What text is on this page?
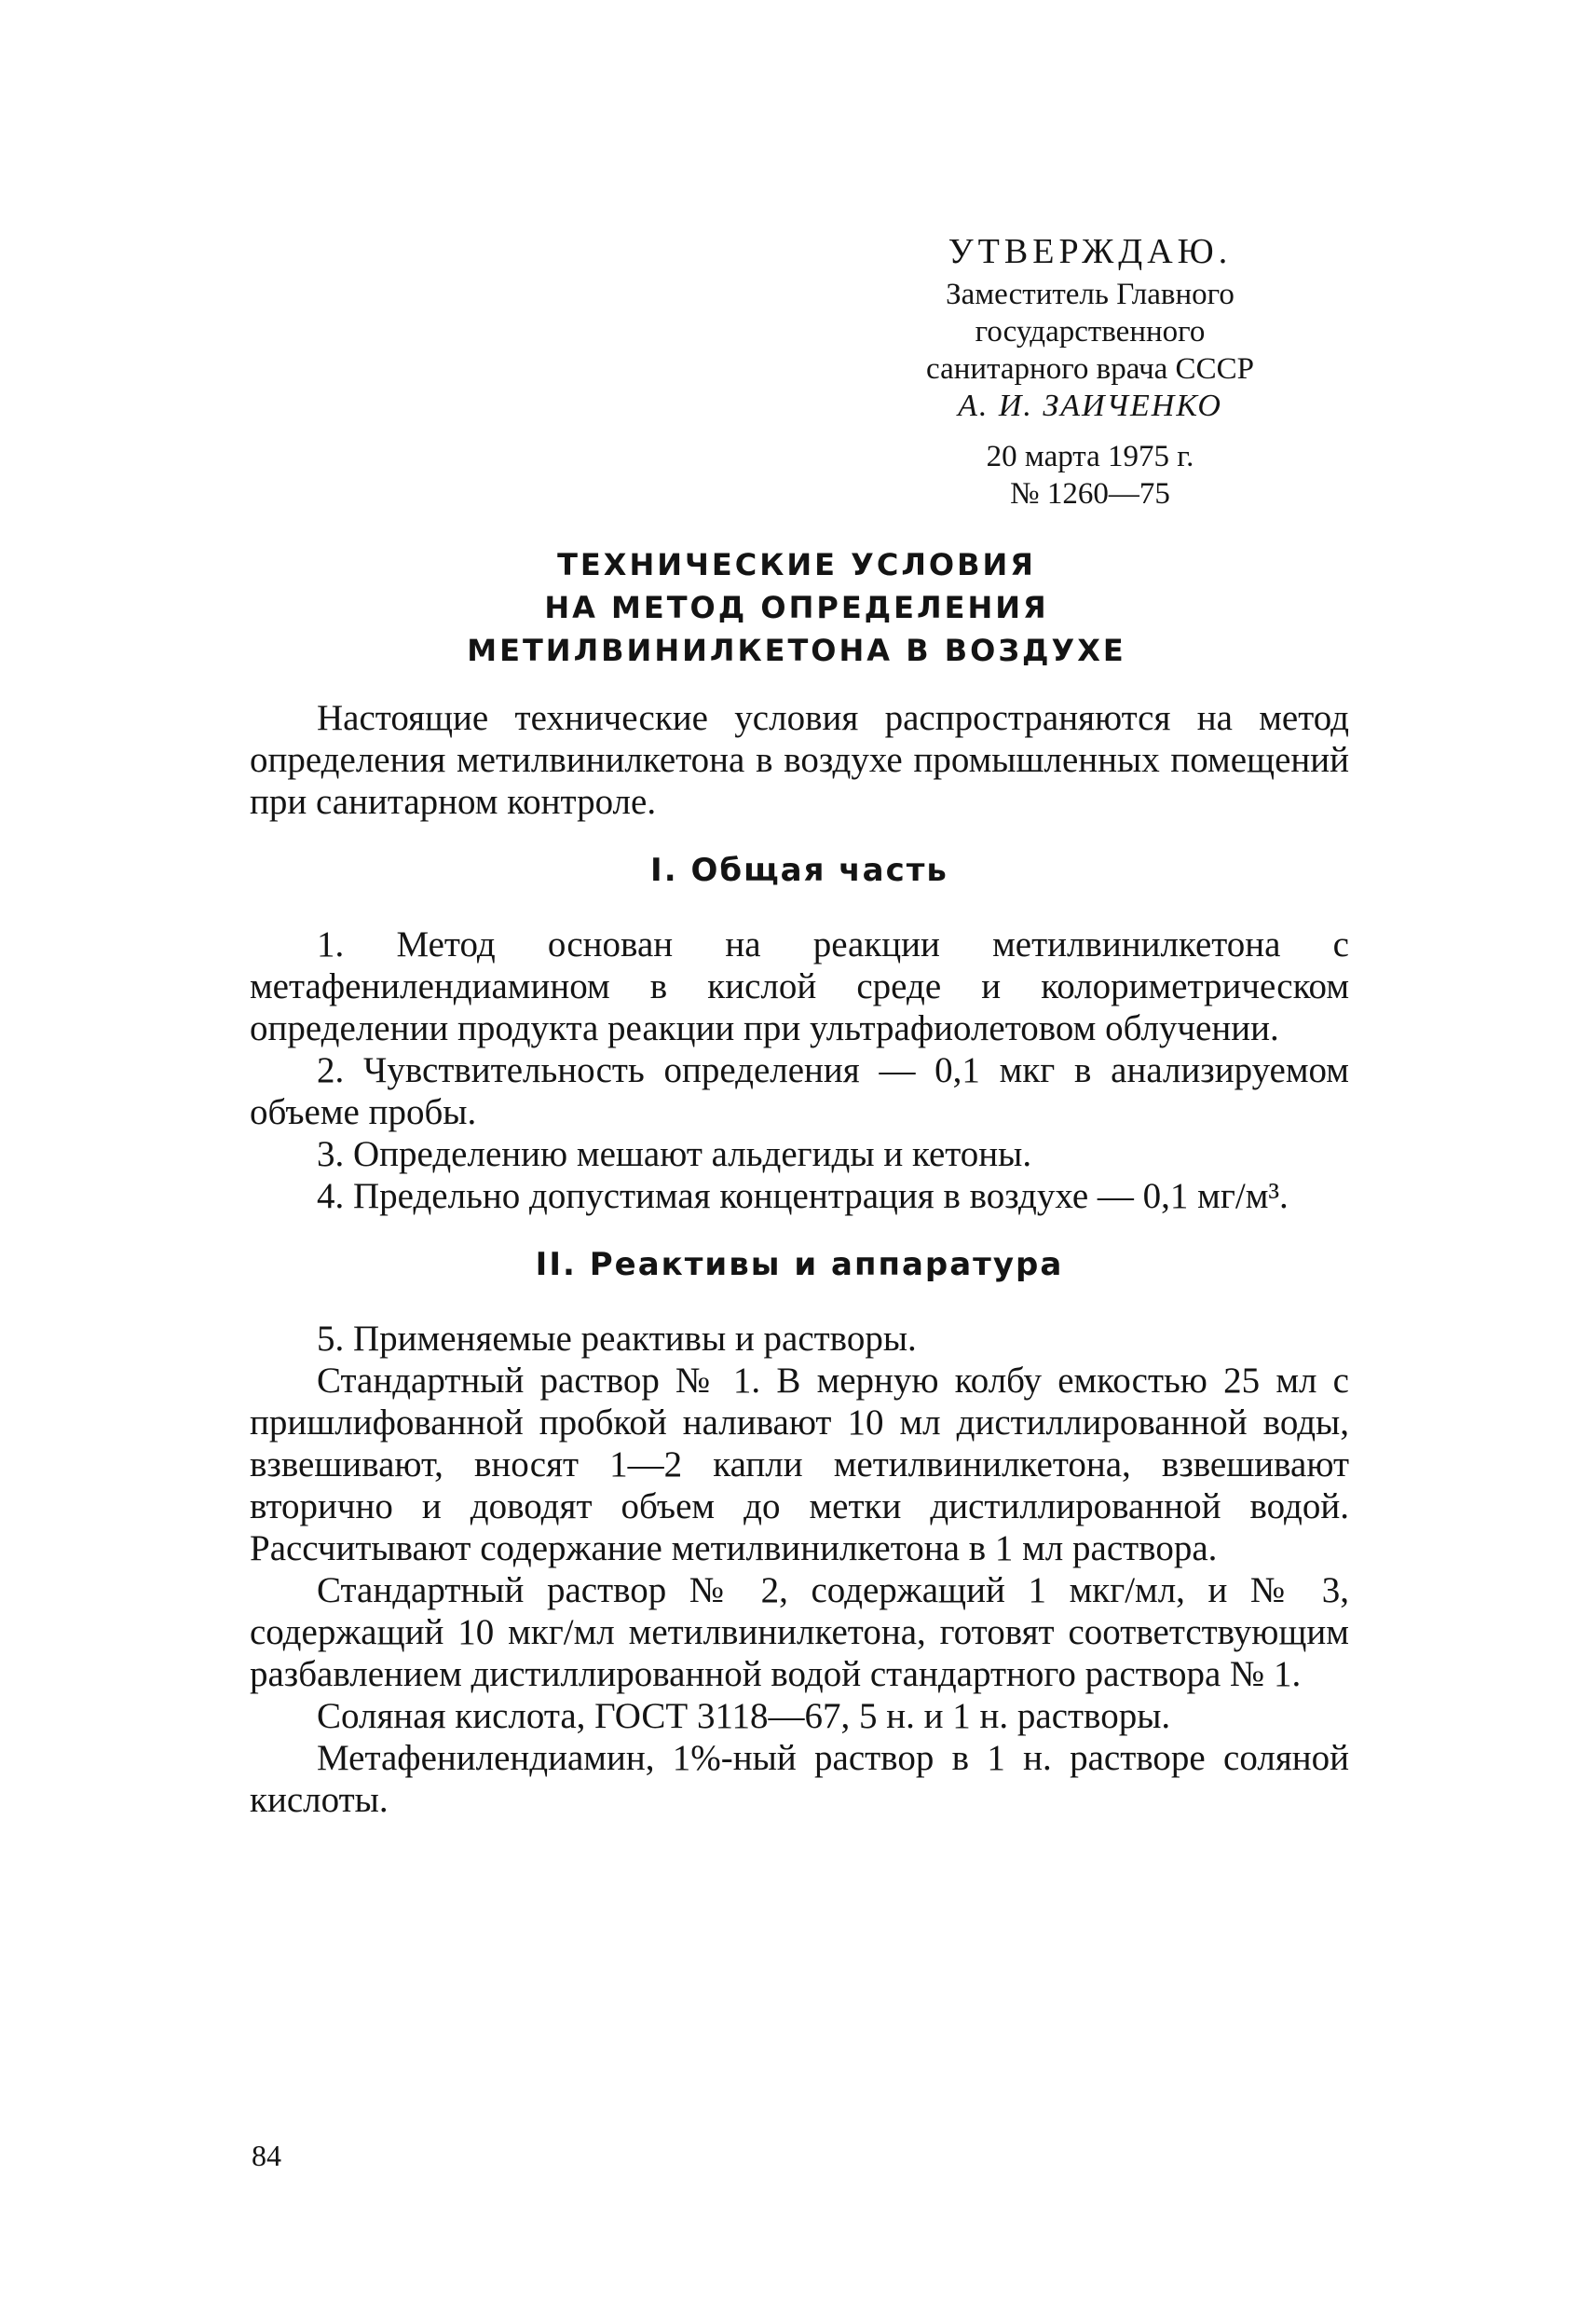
УТВЕРЖДАЮ.
Заместитель Главного
государственного
санитарного врача СССР
А. И. ЗАИЧЕНКО
20 марта 1975 г.
№ 1260—75
ТЕХНИЧЕСКИЕ УСЛОВИЯ
НА МЕТОД ОПРЕДЕЛЕНИЯ
МЕТИЛВИНИЛКЕТОНА В ВОЗДУХЕ

Настоящие технические условия распространяются на метод определения метилвинилкетона в воздухе промышленных помещений при санитарном контроле.

I. Общая часть

1. Метод основан на реакции метилвинилкетона с метафенилендиамином в кислой среде и колориметрическом определении продукта реакции при ультрафиолетовом облучении.

2. Чувствительность определения — 0,1 мкг в анализируемом объеме пробы.

3. Определению мешают альдегиды и кетоны.

4. Предельно допустимая концентрация в воздухе — 0,1 мг/м³.

II. Реактивы и аппаратура

5. Применяемые реактивы и растворы.

Стандартный раствор № 1. В мерную колбу емкостью 25 мл с пришлифованной пробкой наливают 10 мл дистиллированной воды, взвешивают, вносят 1—2 капли метилвинилкетона, взвешивают вторично и доводят объем до метки дистиллированной водой. Рассчитывают содержание метилвинилкетона в 1 мл раствора.

Стандартный раствор № 2, содержащий 1 мкг/мл, и № 3, содержащий 10 мкг/мл метилвинилкетона, готовят соответствующим разбавлением дистиллированной водой стандартного раствора № 1.

Соляная кислота, ГОСТ 3118—67, 5 н. и 1 н. растворы.

Метафенилендиамин, 1%-ный раствор в 1 н. растворе соляной кислоты.

84
